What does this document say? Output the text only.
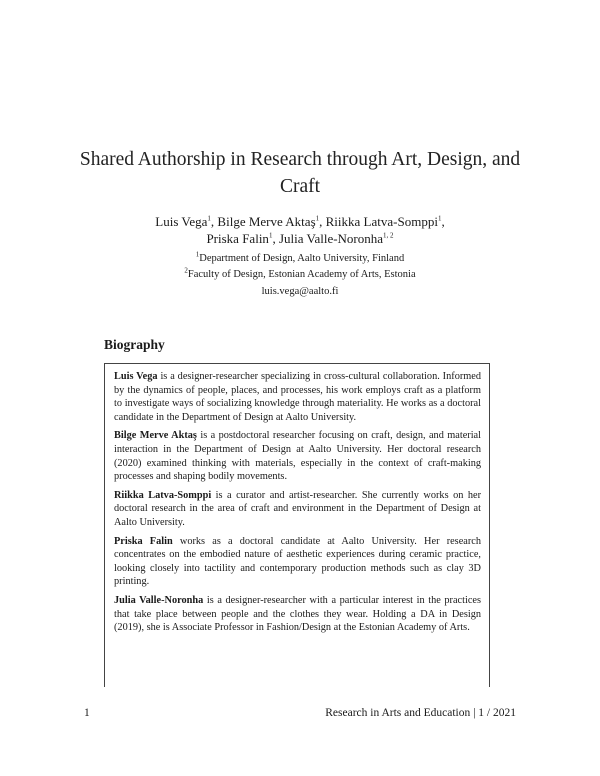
Shared Authorship in Research through Art, Design, and Craft
Luis Vega$^1$, Bilge Merve Aktaş$^1$, Riikka Latva-Somppi$^1$,
Priska Falin$^1$, Julia Valle-Noronha$^{1, 2}$
$^1$Department of Design, Aalto University, Finland
$^2$Faculty of Design, Estonian Academy of Arts, Estonia
luis.vega@aalto.fi
Biography

Luis Vega is a designer-researcher specializing in cross-cultural collaboration. Informed by the dynamics of people, places, and processes, his work employs craft as a platform to investigate ways of socializing knowledge through materiality. He works as a doctoral candidate in the Department of Design at Aalto University.

Bilge Merve Aktaş is a postdoctoral researcher focusing on craft, design, and material interaction in the Department of Design at Aalto University. Her doctoral research (2020) examined thinking with materials, especially in the context of craft-making processes and shaping bodily movements.

Riikka Latva-Somppi is a curator and artist-researcher. She currently works on her doctoral research in the area of craft and environment in the Department of Design at Aalto University.

Priska Falin works as a doctoral candidate at Aalto University. Her research concentrates on the embodied nature of aesthetic experiences during ceramic practice, looking closely into tactility and contemporary production methods such as clay 3D printing.

Julia Valle-Noronha is a designer-researcher with a particular interest in the practices that take place between people and the clothes they wear. Holding a DA in Design (2019), she is Associate Professor in Fashion/Design at the Estonian Academy of Arts.

1	Research in Arts and Education | 1 / 2021
